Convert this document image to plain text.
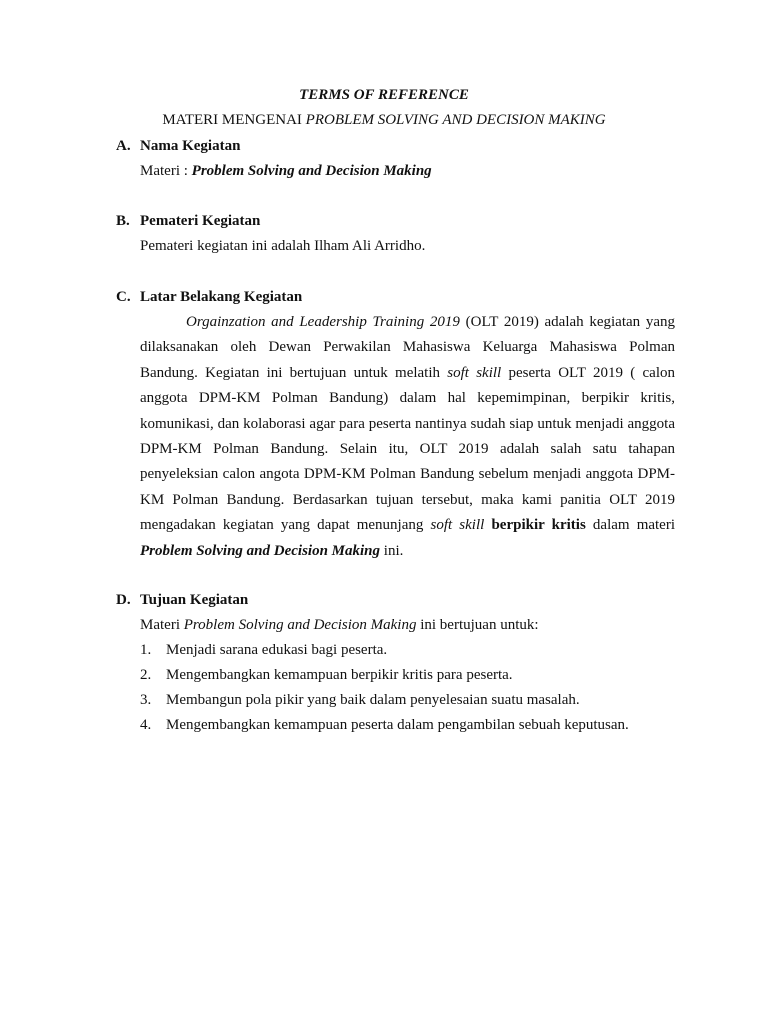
TERMS OF REFERENCE
MATERI MENGENAI PROBLEM SOLVING AND DECISION MAKING
A. Nama Kegiatan
Materi : Problem Solving and Decision Making
B. Pemateri Kegiatan
Pemateri kegiatan ini adalah Ilham Ali Arridho.
C. Latar Belakang Kegiatan
Orgainzation and Leadership Training 2019 (OLT 2019) adalah kegiatan yang dilaksanakan oleh Dewan Perwakilan Mahasiswa Keluarga Mahasiswa Polman Bandung. Kegiatan ini bertujuan untuk melatih soft skill peserta OLT 2019 ( calon anggota DPM-KM Polman Bandung) dalam hal kepemimpinan, berpikir kritis, komunikasi, dan kolaborasi agar para peserta nantinya sudah siap untuk menjadi anggota DPM-KM Polman Bandung. Selain itu, OLT 2019 adalah salah satu tahapan penyeleksian calon angota DPM-KM Polman Bandung sebelum menjadi anggota DPM-KM Polman Bandung. Berdasarkan tujuan tersebut, maka kami panitia OLT 2019 mengadakan kegiatan yang dapat menunjang soft skill berpikir kritis dalam materi Problem Solving and Decision Making ini.
D. Tujuan Kegiatan
Materi Problem Solving and Decision Making ini bertujuan untuk:
1. Menjadi sarana edukasi bagi peserta.
2. Mengembangkan kemampuan berpikir kritis para peserta.
3. Membangun pola pikir yang baik dalam penyelesaian suatu masalah.
4. Mengembangkan kemampuan peserta dalam pengambilan sebuah keputusan.
